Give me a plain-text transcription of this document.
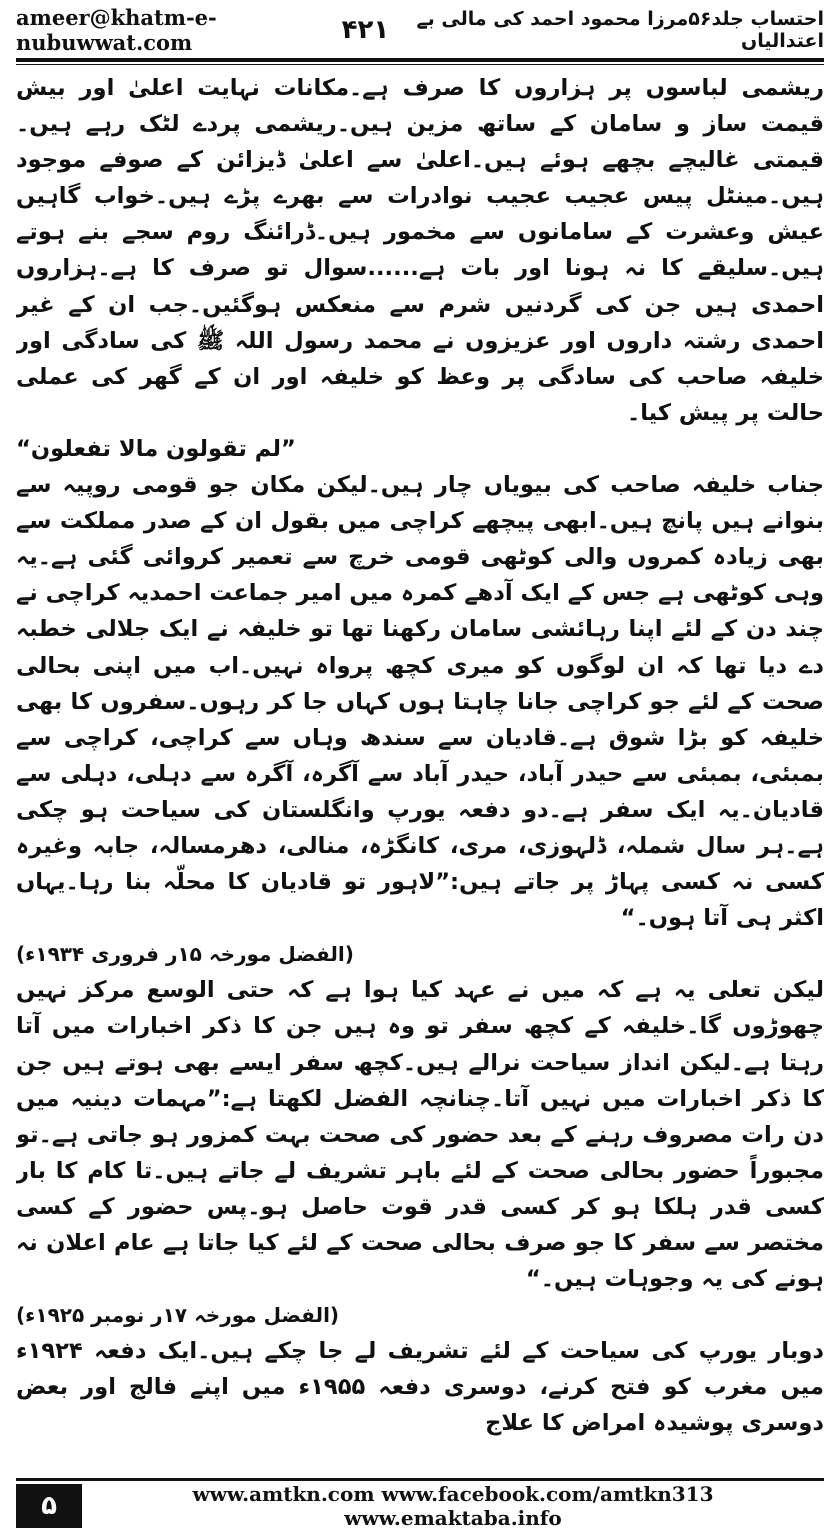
ameer@khatm-e-nubuwwat.com	۴۲۱	احتساب جلد۵۶مرزا محمود احمد کی مالی بے اعتدالیاں

ریشمی لباسوں پر ہزاروں کا صرف ہے۔مکانات نہایت اعلیٰ اور بیش قیمت ساز و سامان کے ساتھ مزین ہیں۔ریشمی پردے لٹک رہے ہیں۔قیمتی غالیچے بچھے ہوئے ہیں۔اعلیٰ سے اعلیٰ ڈیزائن کے صوفے موجود ہیں۔مینٹل پیس عجیب عجیب نوادرات سے بھرے پڑے ہیں۔خواب گاہیں عیش وعشرت کے سامانوں سے مخمور ہیں۔ڈرائنگ روم سجے بنے ہوتے ہیں۔سلیقے کا نہ ہونا اور بات ہے......سوال تو صرف کا ہے۔ہزاروں احمدی ہیں جن کی گردنیں شرم سے منعکس ہوگئیں۔جب ان کے غیر احمدی رشتہ داروں اور عزیزوں نے محمد رسول اللہ ﷺ کی سادگی اور خلیفہ صاحب کی سادگی پر وعظ کو خلیفہ اور ان کے گھر کی عملی حالت پر پیش کیا۔

”لم تقولون مالا تفعلون“

جناب خلیفہ صاحب کی بیویاں چار ہیں۔لیکن مکان جو قومی روپیہ سے بنوانے ہیں پانچ ہیں۔ابھی پیچھے کراچی میں بقول ان کے صدر مملکت سے بھی زیادہ کمروں والی کوٹھی قومی خرچ سے تعمیر کروائی گئی ہے۔یہ وہی کوٹھی ہے جس کے ایک آدھے کمرہ میں امیر جماعت احمدیہ کراچی نے چند دن کے لئے اپنا رہائشی سامان رکھنا تھا تو خلیفہ نے ایک جلالی خطبہ دے دیا تھا کہ ان لوگوں کو میری کچھ پرواہ نہیں۔اب میں اپنی بحالی صحت کے لئے جو کراچی جانا چاہتا ہوں کہاں جا کر رہوں۔سفروں کا بھی خلیفہ کو بڑا شوق ہے۔قادیان سے سندھ وہاں سے کراچی، کراچی سے بمبئی، بمبئی سے حیدر آباد، حیدر آباد سے آگرہ، آگرہ سے دہلی، دہلی سے قادیان۔یہ ایک سفر ہے۔دو دفعہ یورپ وانگلستان کی سیاحت ہو چکی ہے۔ہر سال شملہ، ڈلہوزی، مری، کانگڑہ، منالی، دھرمسالہ، جابہ وغیرہ کسی نہ کسی پہاڑ پر جاتے ہیں:”لاہور تو قادیان کا محلّہ بنا رہا۔یہاں اکثر ہی آتا ہوں۔“

(الفضل مورخہ ۱۵ر فروری ۱۹۳۴ء)

لیکن تعلی یہ ہے کہ میں نے عہد کیا ہوا ہے کہ حتی الوسع مرکز نہیں چھوڑوں گا۔خلیفہ کے کچھ سفر تو وہ ہیں جن کا ذکر اخبارات میں آتا رہتا ہے۔لیکن انداز سیاحت نرالے ہیں۔کچھ سفر ایسے بھی ہوتے ہیں جن کا ذکر اخبارات میں نہیں آتا۔چنانچہ الفضل لکھتا ہے:”مہمات دینیہ میں دن رات مصروف رہنے کے بعد حضور کی صحت بہت کمزور ہو جاتی ہے۔تو مجبوراً حضور بحالی صحت کے لئے باہر تشریف لے جاتے ہیں۔تا کام کا بار کسی قدر ہلکا ہو کر کسی قدر قوت حاصل ہو۔پس حضور کے کسی مختصر سے سفر کا جو صرف بحالی صحت کے لئے کیا جاتا ہے عام اعلان نہ ہونے کی یہ وجوہات ہیں۔“

(الفضل مورخہ ۱۷ر نومبر ۱۹۲۵ء)

دوبار یورپ کی سیاحت کے لئے تشریف لے جا چکے ہیں۔ایک دفعہ ۱۹۲۴ء میں مغرب کو فتح کرنے، دوسری دفعہ ۱۹۵۵ء میں اپنے فالج اور بعض دوسری پوشیدہ امراض کا علاج

۵	www.amtkn.com www.facebook.com/amtkn313 www.emaktaba.info
